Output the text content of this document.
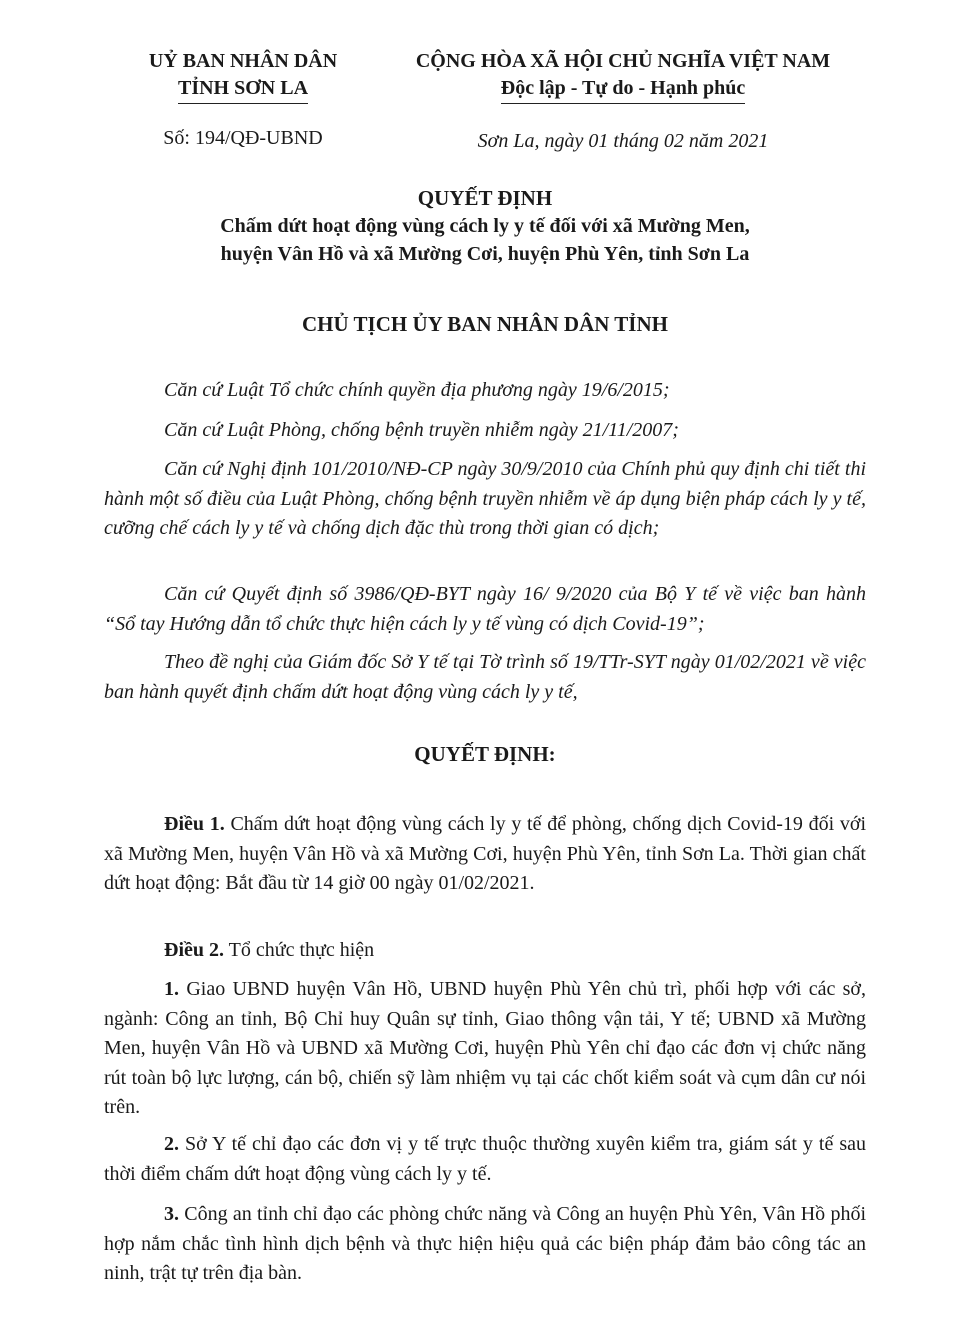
UỶ BAN NHÂN DÂN
TỈNH SƠN LA
CỘNG HÒA XÃ HỘI CHỦ NGHĨA VIỆT NAM
Độc lập - Tự do - Hạnh phúc
Số: 194/QĐ-UBND	Sơn La, ngày 01 tháng 02 năm 2021
QUYẾT ĐỊNH
Chấm dứt hoạt động vùng cách ly y tế đối với xã Mường Men,
huyện Vân Hồ và xã Mường Cơi, huyện Phù Yên, tỉnh Sơn La
CHỦ TỊCH ỦY BAN NHÂN DÂN TỈNH
Căn cứ Luật Tổ chức chính quyền địa phương ngày 19/6/2015;
Căn cứ Luật Phòng, chống bệnh truyền nhiễm ngày 21/11/2007;
Căn cứ Nghị định 101/2010/NĐ-CP ngày 30/9/2010 của Chính phủ quy định chi tiết thi hành một số điều của Luật Phòng, chống bệnh truyền nhiễm về áp dụng biện pháp cách ly y tế, cưỡng chế cách ly y tế và chống dịch đặc thù trong thời gian có dịch;
Căn cứ Quyết định số 3986/QĐ-BYT ngày 16/ 9/2020 của Bộ Y tế về việc ban hành “Sổ tay Hướng dẫn tổ chức thực hiện cách ly y tế vùng có dịch Covid-19”;
Theo đề nghị của Giám đốc Sở Y tế tại Tờ trình số 19/TTr-SYT ngày 01/02/2021 về việc ban hành quyết định chấm dứt hoạt động vùng cách ly y tế,
QUYẾT ĐỊNH:
Điều 1. Chấm dứt hoạt động vùng cách ly y tế để phòng, chống dịch Covid-19 đối với xã Mường Men, huyện Vân Hồ và xã Mường Cơi, huyện Phù Yên, tỉnh Sơn La. Thời gian chất dứt hoạt động: Bắt đầu từ 14 giờ 00 ngày 01/02/2021.
Điều 2. Tổ chức thực hiện
1. Giao UBND huyện Vân Hồ, UBND huyện Phù Yên chủ trì, phối hợp với các sở, ngành: Công an tỉnh, Bộ Chỉ huy Quân sự tỉnh, Giao thông vận tải, Y tế; UBND xã Mường Men, huyện Vân Hồ và UBND xã Mường Cơi, huyện Phù Yên chỉ đạo các đơn vị chức năng rút toàn bộ lực lượng, cán bộ, chiến sỹ làm nhiệm vụ tại các chốt kiểm soát và cụm dân cư nói trên.
2. Sở Y tế chỉ đạo các đơn vị y tế trực thuộc thường xuyên kiểm tra, giám sát y tế sau thời điểm chấm dứt hoạt động vùng cách ly y tế.
3. Công an tỉnh chỉ đạo các phòng chức năng và Công an huyện Phù Yên, Vân Hồ phối hợp nắm chắc tình hình dịch bệnh và thực hiện hiệu quả các biện pháp đảm bảo công tác an ninh, trật tự trên địa bàn.
